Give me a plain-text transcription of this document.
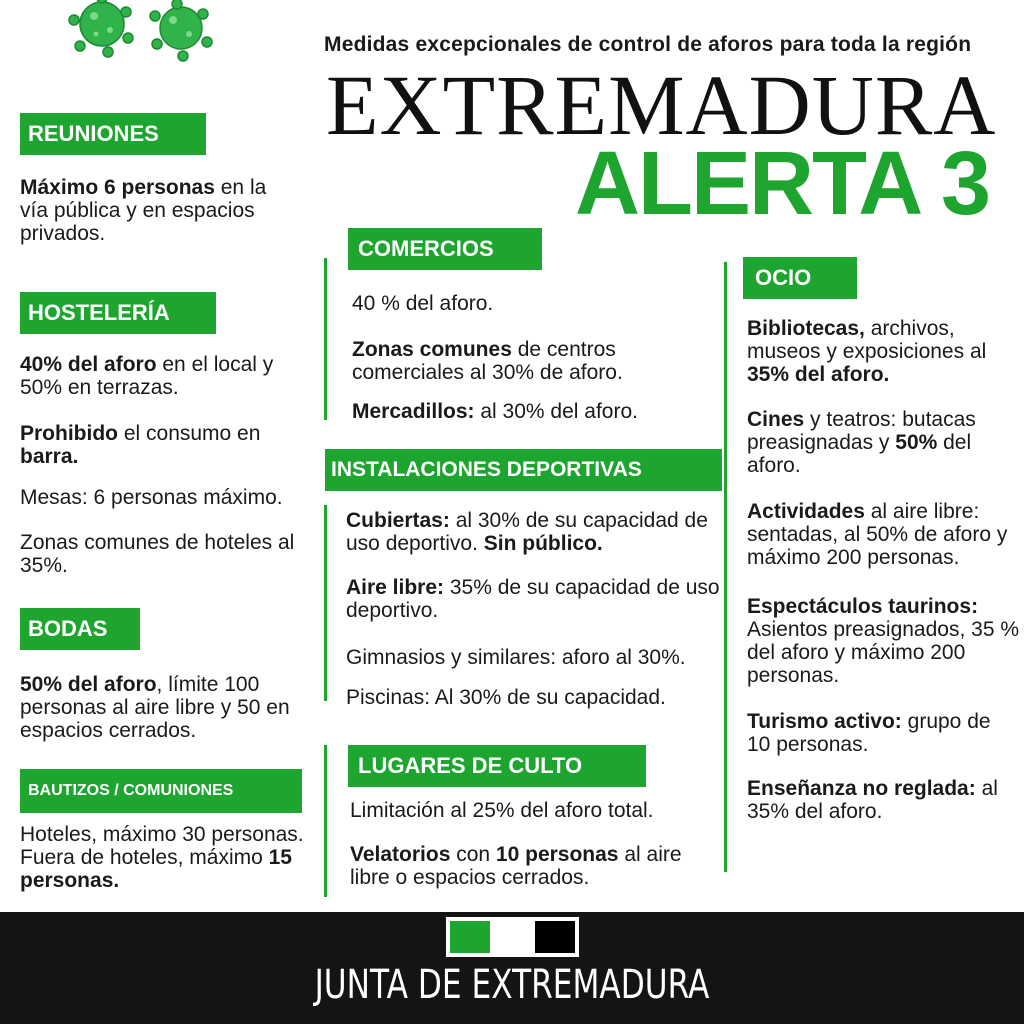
Medidas excepcionales de control de aforos para toda la región
EXTREMADURA
ALERTA 3
REUNIONES
Máximo 6 personas en la vía pública y en espacios privados.
HOSTELERÍA
40% del aforo en el local y 50% en terrazas.
Prohibido el consumo en barra.
Mesas: 6 personas máximo.
Zonas comunes de hoteles al 35%.
BODAS
50% del aforo, límite 100 personas al aire libre y 50 en espacios cerrados.
BAUTIZOS / COMUNIONES
Hoteles, máximo 30 personas. Fuera de hoteles, máximo 15 personas.
COMERCIOS
40 % del aforo.
Zonas comunes de centros comerciales al 30% de aforo.
Mercadillos: al 30% del aforo.
INSTALACIONES DEPORTIVAS
Cubiertas: al 30% de su capacidad de uso deportivo. Sin público.
Aire libre: 35% de su capacidad de uso deportivo.
Gimnasios y similares: aforo al 30%.
Piscinas: Al 30% de su capacidad.
LUGARES DE CULTO
Limitación al 25% del aforo total.
Velatorios con 10 personas al aire libre o espacios cerrados.
OCIO
Bibliotecas, archivos, museos y exposiciones al 35% del aforo.
Cines y teatros: butacas preasignadas y 50% del aforo.
Actividades al aire libre: sentadas, al 50% de aforo y máximo 200 personas.
Espectáculos taurinos: Asientos preasignados, 35 % del aforo y máximo 200 personas.
Turismo activo: grupo de 10 personas.
Enseñanza no reglada: al 35% del aforo.
JUNTA DE EXTREMADURA
